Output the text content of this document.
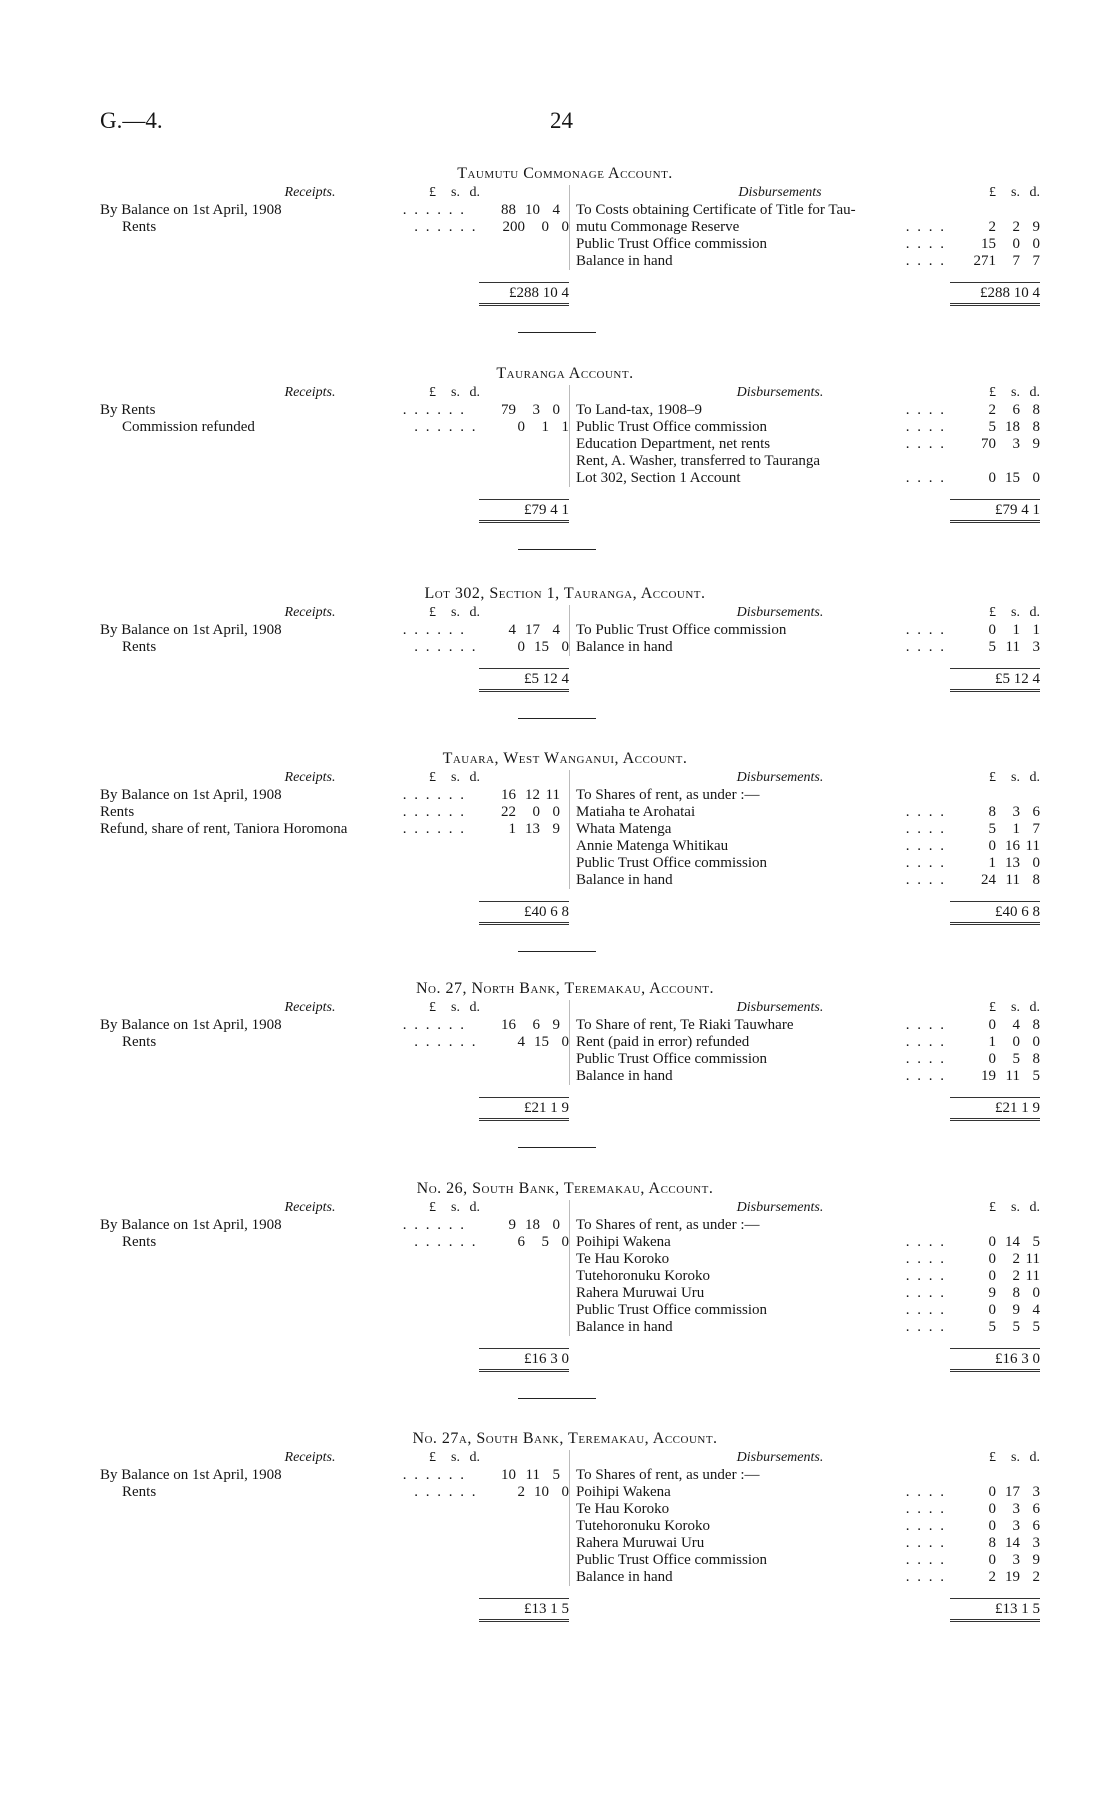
G.—4.	24
Taumutu Commonage Account.
Receipts.	£	s. d.
By Balance on 1st April, 1908	. . . . . .	88 10 4
Rents	. . . . . .	200	0 0
£288 10 4
Disbursements	£	s. d.
To Costs obtaining Certificate of Title for Tau-
mutu Commonage Reserve	. . . .	2	2 9
Public Trust Office commission	. . . .	15	0 0
Balance in hand	. . . .	271	7 7
£288 10 4
Tauranga Account.
Receipts.	£	s. d.
By Rents	. . . . . .	79	3 0
Commission refunded	. . . . . .	0	1 1
£79 4 1
Disbursements.	£	s. d.
To Land-tax, 1908–9	. . . .	2	6 8
Public Trust Office commission	. . . .	5 18 8
Education Department, net rents	. . . .	70	3 9
Rent, A. Washer, transferred to Tauranga
Lot 302, Section 1 Account	. . . .	0 15 0
£79 4 1
Lot 302, Section 1, Tauranga, Account.
Receipts.	£	s. d.
By Balance on 1st April, 1908	. . . . . .	4 17 4
Rents	. . . . . .	0 15 0
£5 12 4
Disbursements.	£	s. d.
To Public Trust Office commission	. . . .	0	1 1
Balance in hand	. . . .	5 11 3
£5 12 4
Tauara, West Wanganui, Account.
Receipts.	£	s. d.
By Balance on 1st April, 1908	. . . . . .	16 12 11
Rents	. . . . . .	22	0 0
Refund, share of rent, Taniora Horomona	. . . . . .	1 13 9
£40 6 8
Disbursements.	£	s. d.
To Shares of rent, as under :—
Matiaha te Arohatai	. . . .	8	3 6
Whata Matenga	. . . .	5	1 7
Annie Matenga Whitikau	. . . .	0 16 11
Public Trust Office commission	. . . .	1 13 0
Balance in hand	. . . .	24 11 8
£40 6 8
No. 27, North Bank, Teremakau, Account.
Receipts.	£	s. d.
By Balance on 1st April, 1908	. . . . . .	16	6 9
Rents	. . . . . .	4 15 0
£21 1 9
Disbursements.	£	s. d.
To Share of rent, Te Riaki Tauwhare	. . . .	0	4 8
Rent (paid in error) refunded	. . . .	1	0 0
Public Trust Office commission	. . . .	0	5 8
Balance in hand	. . . .	19 11 5
£21 1 9
No. 26, South Bank, Teremakau, Account.
Receipts.	£	s. d.
By Balance on 1st April, 1908	. . . . . .	9 18 0
Rents	. . . . . .	6	5 0
£16 3 0
Disbursements.	£	s. d.
To Shares of rent, as under :—
Poihipi Wakena	. . . .	0 14 5
Te Hau Koroko	. . . .	0	2 11
Tutehoronuku Koroko	. . . .	0	2 11
Rahera Muruwai Uru	. . . .	9	8 0
Public Trust Office commission	. . . .	0	9 4
Balance in hand	. . . .	5	5 5
£16 3 0
No. 27a, South Bank, Teremakau, Account.
Receipts.	£	s. d.
By Balance on 1st April, 1908	. . . . . .	10 11 5
Rents	. . . . . .	2 10 0
£13 1 5
Disbursements.	£	s. d.
To Shares of rent, as under :—
Poihipi Wakena	. . . .	0 17 3
Te Hau Koroko	. . . .	0	3 6
Tutehoronuku Koroko	. . . .	0	3 6
Rahera Muruwai Uru	. . . .	8 14 3
Public Trust Office commission	. . . .	0	3 9
Balance in hand	. . . .	2 19 2
£13 1 5
